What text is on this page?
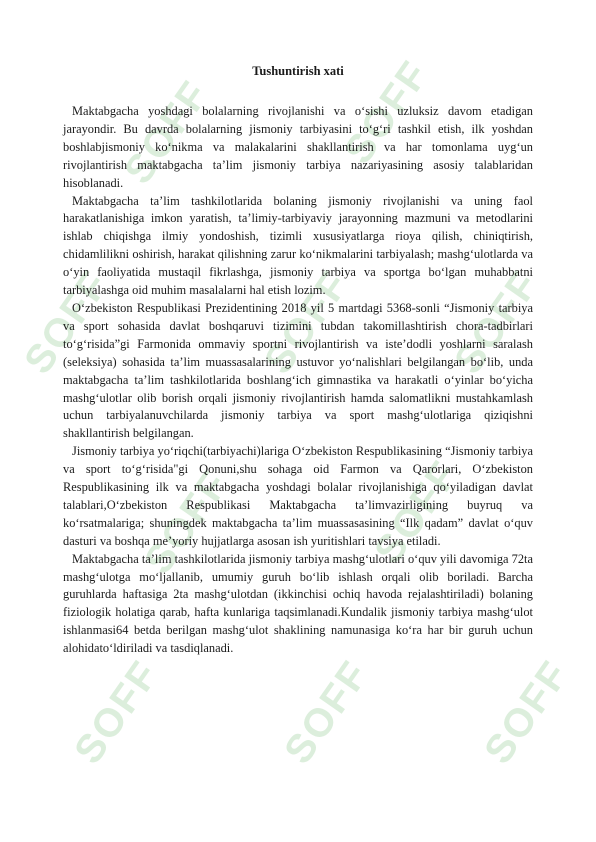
SOFF	SOFF
SOFF	SOFF SOFF
SOFF	SOFF
SOFF	SOFF SOFF
Tushuntirish xati

Maktabgacha yoshdagi bolalarning rivojlanishi va o‘sishi uzluksiz davom etadigan jarayondir. Bu davrda bolalarning jismoniy tarbiyasini to‘g‘ri tashkil etish, ilk yoshdan boshlabjismoniy ko‘nikma va malakalarini shakllantirish va har tomonlama uyg‘un rivojlantirish maktabgacha ta’lim jismoniy tarbiya nazariyasining asosiy talablaridan hisoblanadi.

Maktabgacha ta’lim tashkilotlarida bolaning jismoniy rivojlanishi va uning faol harakatlanishiga imkon yaratish, ta’limiy-tarbiyaviy jarayonning mazmuni va metodlarini ishlab chiqishga ilmiy yondoshish, tizimli xususiyatlarga rioya qilish, chiniqtirish, chidamlilikni oshirish, harakat qilishning zarur ko‘nikmalarini tarbiyalash; mashg‘ulotlarda va o‘yin faoliyatida mustaqil fikrlashga, jismoniy tarbiya va sportga bo‘lgan muhabbatni tarbiyalashga oid muhim masalalarni hal etish lozim.

O‘zbekiston Respublikasi Prezidentining 2018 yil 5 martdagi 5368-sonli “Jismoniy tarbiya va sport sohasida davlat boshqaruvi tizimini tubdan takomillashtirish chora-tadbirlari to‘g‘risida”gi Farmonida ommaviy sportni rivojlantirish va iste’dodli yoshlarni saralash (seleksiya) sohasida ta’lim muassasalarining ustuvor yo‘nalishlari belgilangan bo‘lib, unda maktabgacha ta’lim tashkilotlarida boshlang‘ich gimnastika va harakatli o‘yinlar bo‘yicha mashg‘ulotlar olib borish orqali jismoniy rivojlantirish hamda salomatlikni mustahkamlash uchun tarbiyalanuvchilarda jismoniy tarbiya va sport mashg‘ulotlariga qiziqishni shakllantirish belgilangan.

Jismoniy tarbiya yo‘riqchi(tarbiyachi)lariga O‘zbekiston Respublikasining “Jismoniy tarbiya va sport to‘g‘risida"gi Qonuni,shu sohaga oid Farmon va Qarorlari, O‘zbekiston Respublikasining ilk va maktabgacha yoshdagi bolalar rivojlanishiga qo‘yiladigan davlat talablari,O‘zbekiston Respublikasi Maktabgacha ta’limvazirligining buyruq va ko‘rsatmalariga; shuningdek maktabgacha ta’lim muassasasining “Ilk qadam” davlat o‘quv dasturi va boshqa me’yoriy hujjatlarga asosan ish yuritishlari tavsiya etiladi.

Maktabgacha ta’lim tashkilotlarida jismoniy tarbiya mashg‘ulotlari o‘quv yili davomiga 72ta mashg‘ulotga mo‘ljallanib, umumiy guruh bo‘lib ishlash orqali olib boriladi. Barcha guruhlarda haftasiga 2ta mashg‘ulotdan (ikkinchisi ochiq havoda rejalashtiriladi) bolaning fiziologik holatiga qarab, hafta kunlariga taqsimlanadi.Kundalik jismoniy tarbiya mashg‘ulot ishlanmasi64 betda berilgan mashg‘ulot shaklining namunasiga ko‘ra har bir guruh uchun alohidato‘ldiriladi va tasdiqlanadi.
